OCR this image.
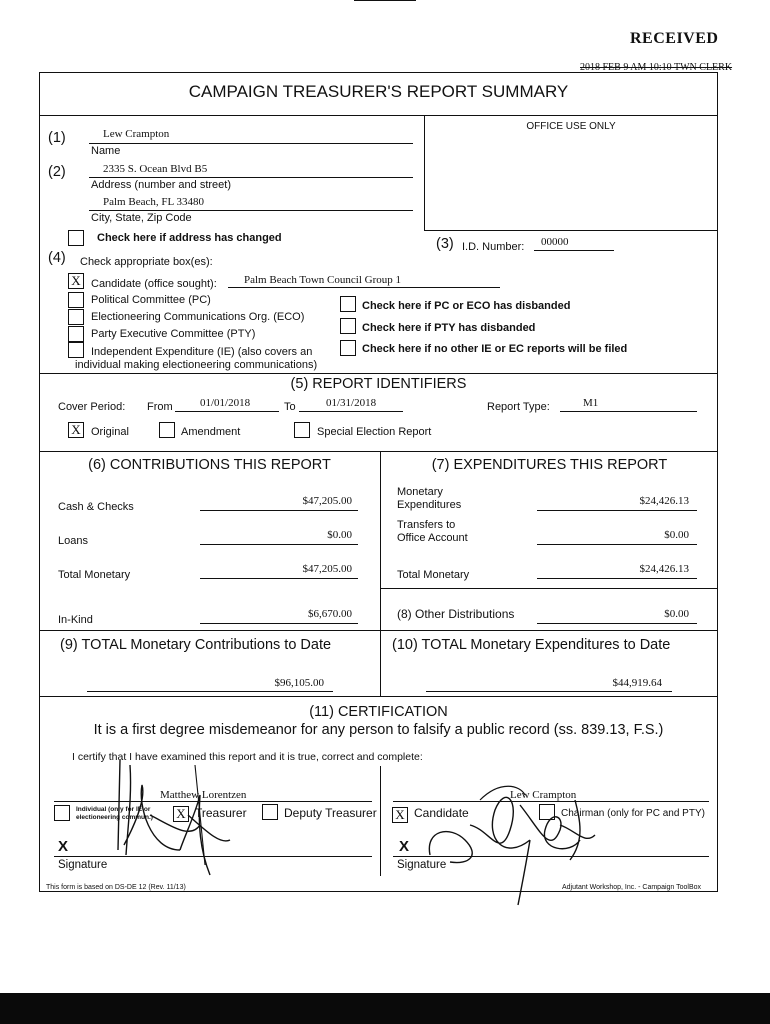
RECEIVED
2018 FEB 9 AM 10:10 TWN CLERK
CAMPAIGN TREASURER'S REPORT SUMMARY
OFFICE USE ONLY
(1)	Lew Crampton
Name
(2)	2335 S. Ocean Blvd B5
Address (number and street)
Palm Beach, FL 33480
City, State, Zip Code
Check here if address has changed	(3) I.D. Number: 00000
(4) Check appropriate box(es):
X Candidate (office sought): Palm Beach Town Council Group 1
Political Committee (PC)
Electioneering Communications Org. (ECO)
Party Executive Committee (PTY)
Independent Expenditure (IE) (also covers an
individual making electioneering communications)
Check here if PC or ECO has disbanded
Check here if PTY has disbanded
Check here if no other IE or EC reports will be filed
(5) REPORT IDENTIFIERS
Cover Period: From 01/01/2018	To	01/31/2018	Report Type:	M1
X Original	Amendment	Special Election Report
(6) CONTRIBUTIONS THIS REPORT
Cash & Checks	$47,205.00
Loans	$0.00
Total Monetary	$47,205.00
In-Kind	$6,670.00
(7) EXPENDITURES THIS REPORT
Monetary
Expenditures	$24,426.13
Transfers to
Office Account	$0.00
Total Monetary	$24,426.13
(8) Other Distributions	$0.00
(9) TOTAL Monetary Contributions to Date
$96,105.00
(10) TOTAL Monetary Expenditures to Date
$44,919.64
(11) CERTIFICATION
It is a first degree misdemeanor for any person to falsify a public record (ss. 839.13, F.S.)
I certify that I have examined this report and it is true, correct and complete:
Matthew Lorentzen
Individual (only for IE or electioneering commun.)	X Treasurer	Deputy Treasurer
X
Signature
Lew Crampton
X Candidate	Chairman (only for PC and PTY)
X
Signature
This form is based on DS-DE 12 (Rev. 11/13)	Adjutant Workshop, Inc. - Campaign ToolBox
